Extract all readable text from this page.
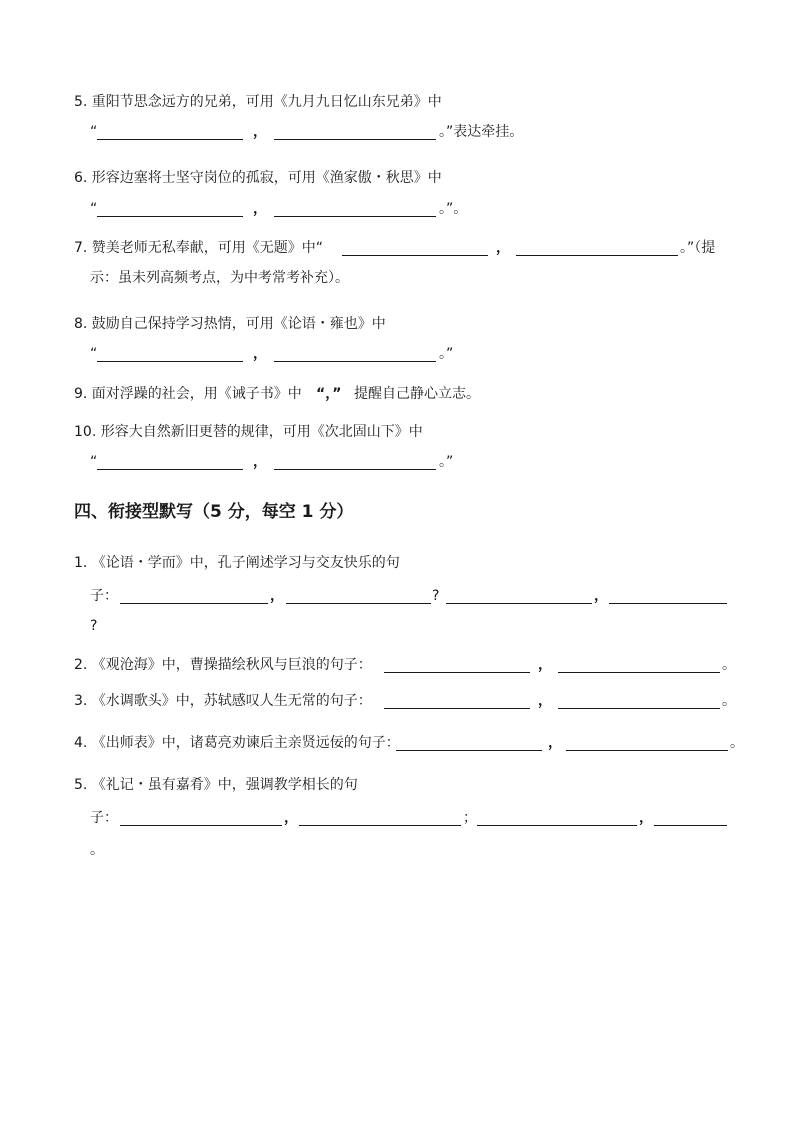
5. 重阳节思念远方的兄弟，可用《九月九日忆山东兄弟》中
“	，	。”表达牵挂。
6. 形容边塞将士坚守岗位的孤寂，可用《渔家傲・秋思》中
“	，	。”。
7. 赞美老师无私奉献，可用《无题》中“	，	。”（提
示：虽未列高频考点，为中考常考补充）。
8. 鼓励自己保持学习热情，可用《论语・雍也》中
“	，	。”
9. 面对浮躁的社会，用《诫子书》中 “，” 提醒自己静心立志。
10. 形容大自然新旧更替的规律，可用《次北固山下》中
“	，	。”
四、衔接型默写（5 分，每空 1 分）
1. 《论语・学而》中，孔子阐述学习与交友快乐的句
子：	，	?	，
?
2. 《观沧海》中，曹操描绘秋风与巨浪的句子：	，	。
3. 《水调歌头》中，苏轼感叹人生无常的句子：	，	。
4. 《出师表》中，诸葛亮劝谏后主亲贤远佞的句子：	，	。
5. 《礼记・虽有嘉肴》中，强调教学相长的句
子：	，	；	，
。
